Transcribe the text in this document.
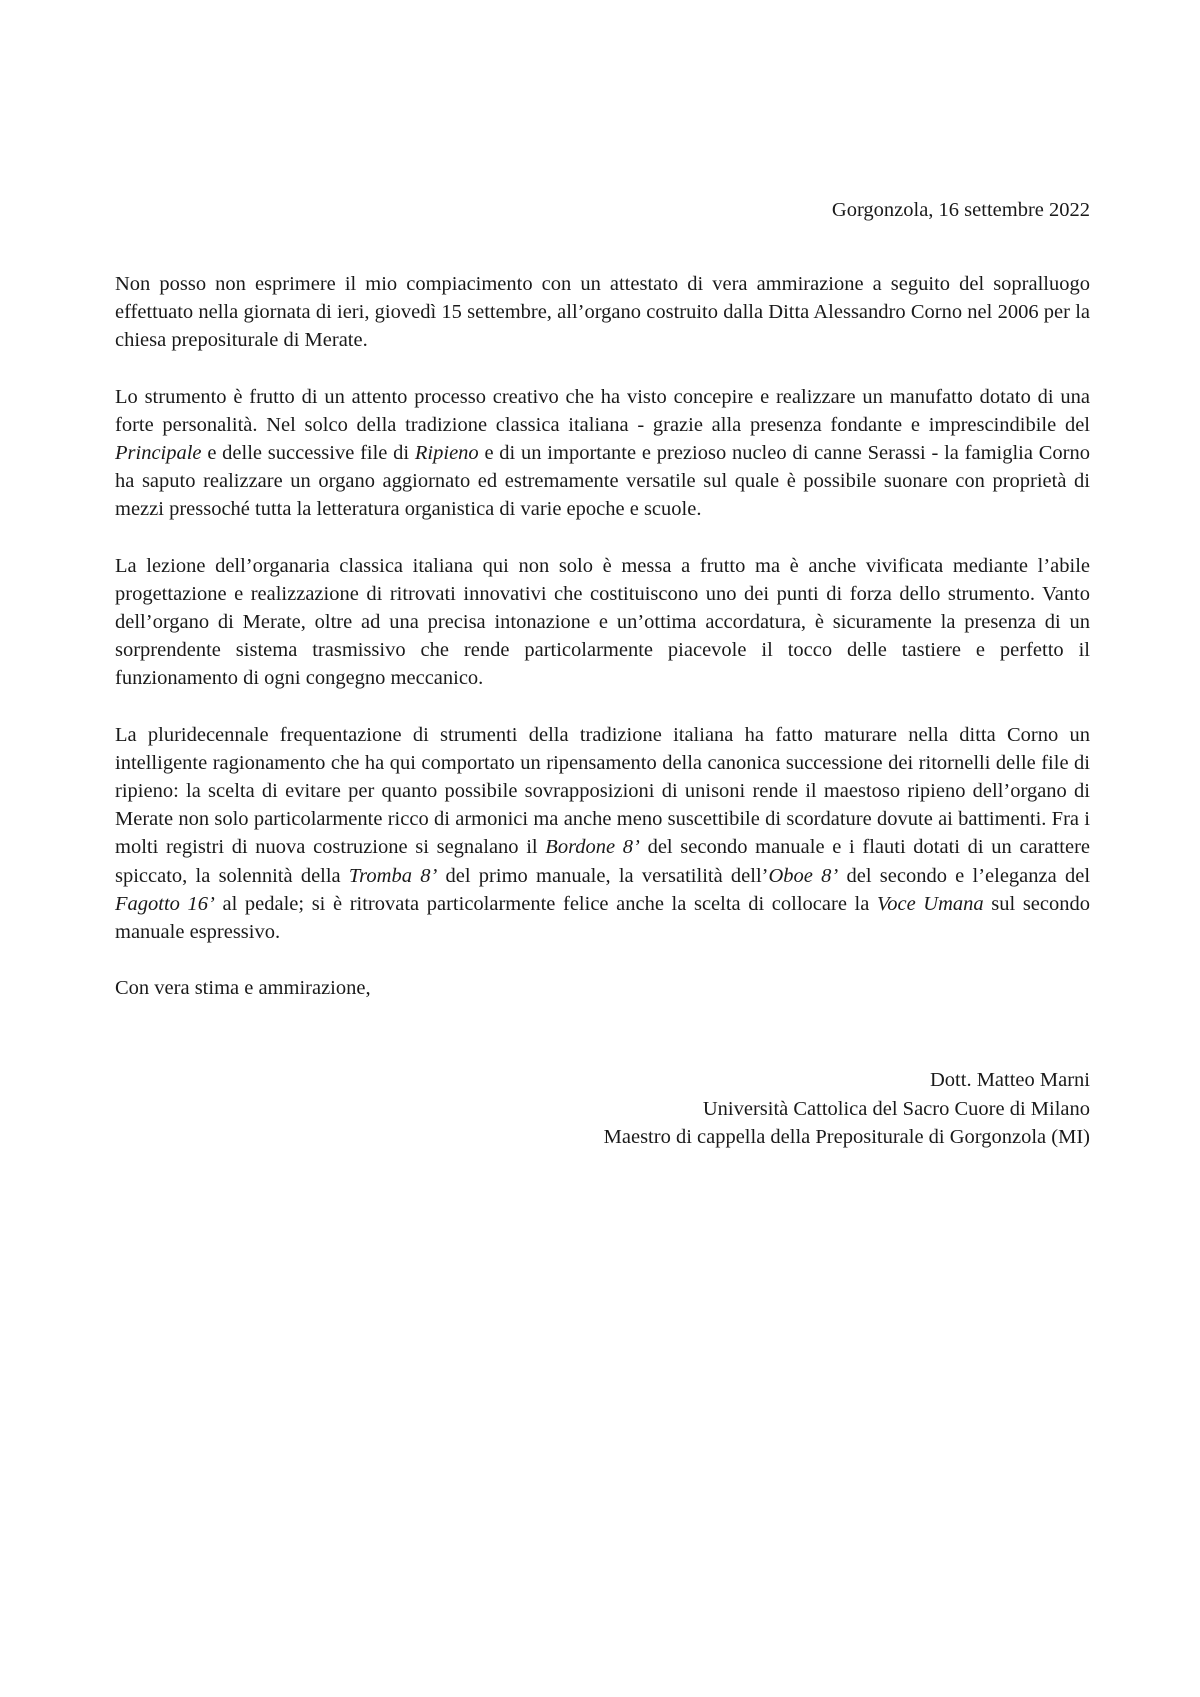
Gorgonzola, 16 settembre 2022

Non posso non esprimere il mio compiacimento con un attestato di vera ammirazione a seguito del sopralluogo effettuato nella giornata di ieri, giovedì 15 settembre, all’organo costruito dalla Ditta Alessandro Corno nel 2006 per la chiesa prepositurale di Merate.

Lo strumento è frutto di un attento processo creativo che ha visto concepire e realizzare un manufatto dotato di una forte personalità. Nel solco della tradizione classica italiana - grazie alla presenza fondante e imprescindibile del Principale e delle successive file di Ripieno e di un importante e prezioso nucleo di canne Serassi - la famiglia Corno ha saputo realizzare un organo aggiornato ed estremamente versatile sul quale è possibile suonare con proprietà di mezzi pressoché tutta la letteratura organistica di varie epoche e scuole.

La lezione dell’organaria classica italiana qui non solo è messa a frutto ma è anche vivificata mediante l’abile progettazione e realizzazione di ritrovati innovativi che costituiscono uno dei punti di forza dello strumento. Vanto dell’organo di Merate, oltre ad una precisa intonazione e un’ottima accordatura, è sicuramente la presenza di un sorprendente sistema trasmissivo che rende particolarmente piacevole il tocco delle tastiere e perfetto il funzionamento di ogni congegno meccanico.

La pluridecennale frequentazione di strumenti della tradizione italiana ha fatto maturare nella ditta Corno un intelligente ragionamento che ha qui comportato un ripensamento della canonica successione dei ritornelli delle file di ripieno: la scelta di evitare per quanto possibile sovrapposizioni di unisoni rende il maestoso ripieno dell’organo di Merate non solo particolarmente ricco di armonici ma anche meno suscettibile di scordature dovute ai battimenti. Fra i molti registri di nuova costruzione si segnalano il Bordone 8’ del secondo manuale e i flauti dotati di un carattere spiccato, la solennità della Tromba 8’ del primo manuale, la versatilità dell’Oboe 8’ del secondo e l’eleganza del Fagotto 16’ al pedale; si è ritrovata particolarmente felice anche la scelta di collocare la Voce Umana sul secondo manuale espressivo.

Con vera stima e ammirazione,
Dott. Matteo Marni
Università Cattolica del Sacro Cuore di Milano
Maestro di cappella della Prepositurale di Gorgonzola (MI)
